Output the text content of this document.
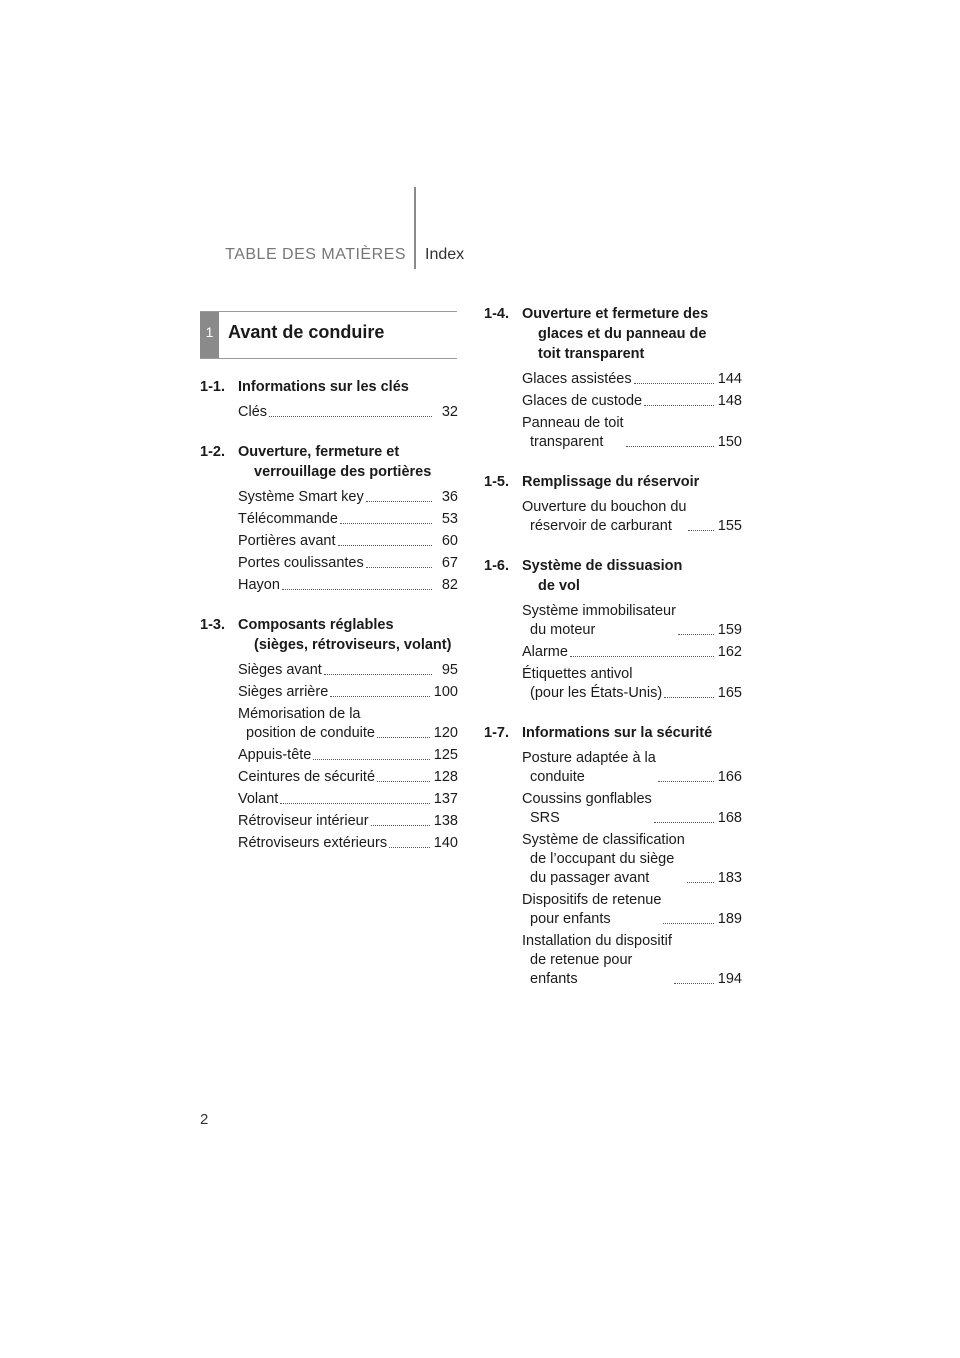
TABLE DES MATIÈRES Index
1 Avant de conduire
1-1. Informations sur les clés
Clés	32
1-2. Ouverture, fermeture et
verrouillage des portières
Système Smart key	36
Télécommande	53
Portières avant	60
Portes coulissantes	67
Hayon	82
1-3. Composants réglables
(sièges, rétroviseurs, volant)
Sièges avant	95
Sièges arrière	100
Mémorisation de la
position de conduite	120
Appuis-tête	125
Ceintures de sécurité	128
Volant	137
Rétroviseur intérieur	138
Rétroviseurs extérieurs	140
1-4. Ouverture et fermeture des
glaces et du panneau de
toit transparent
Glaces assistées	144
Glaces de custode	148
Panneau de toit
transparent	150
1-5. Remplissage du réservoir
Ouverture du bouchon du
réservoir de carburant	155
1-6. Système de dissuasion
de vol
Système immobilisateur
du moteur	159
Alarme	162
Étiquettes antivol
(pour les États-Unis)	165
1-7. Informations sur la sécurité
Posture adaptée à la
conduite	166
Coussins gonflables
SRS	168
Système de classification
de l’occupant du siège
du passager avant	183
Dispositifs de retenue
pour enfants	189
Installation du dispositif
de retenue pour
enfants	194
2
